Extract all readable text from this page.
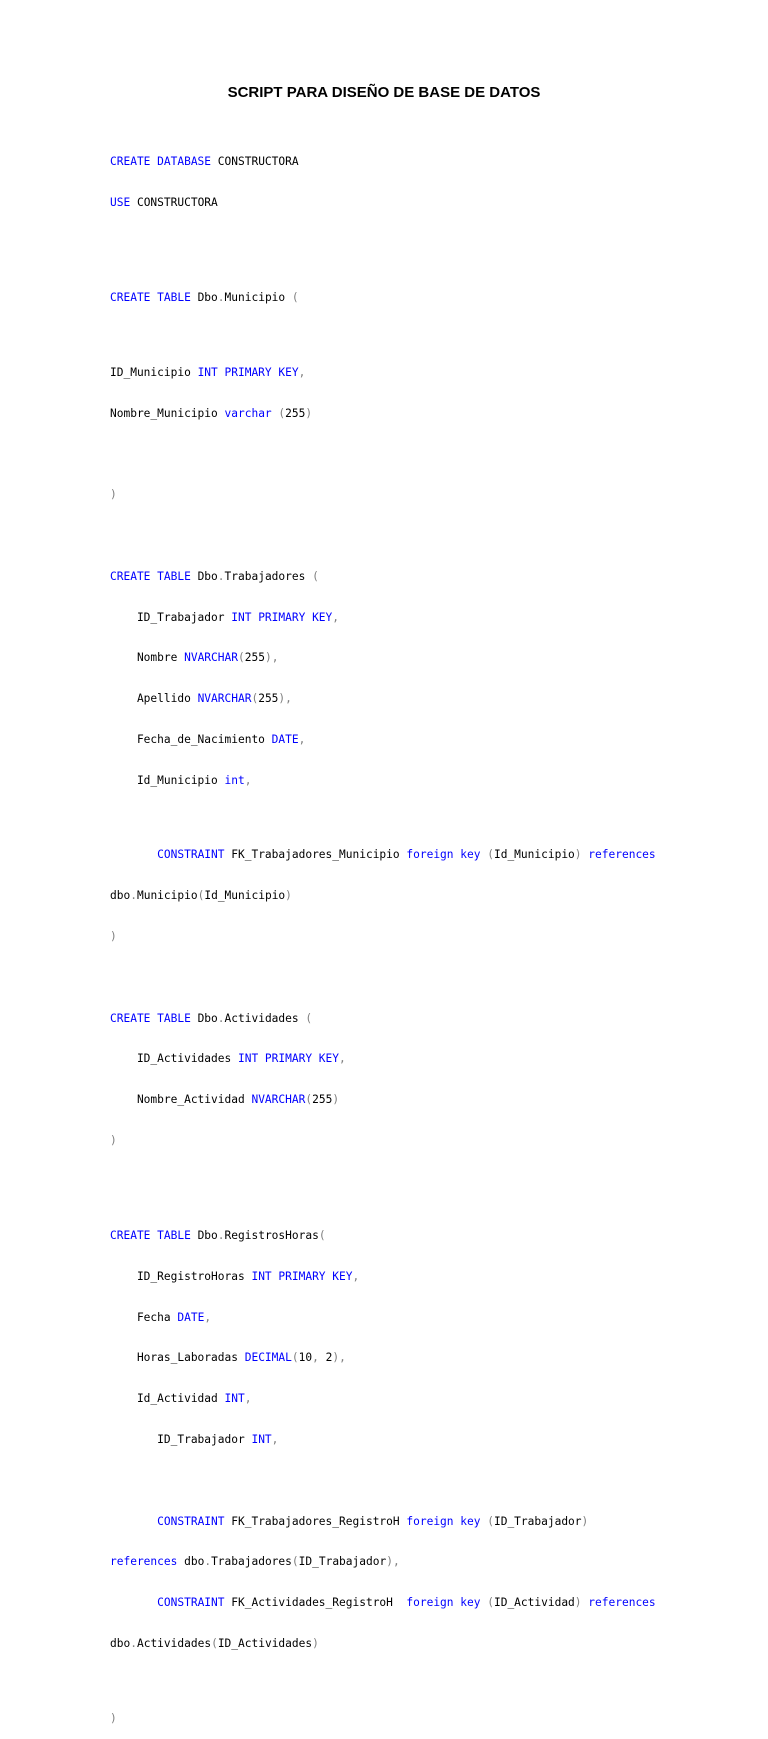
SCRIPT PARA DISEÑO DE BASE DE DATOS

CREATE DATABASE CONSTRUCTORA

USE CONSTRUCTORA

CREATE TABLE Dbo.Municipio (

ID_Municipio INT PRIMARY KEY,

Nombre_Municipio varchar (255)

)

CREATE TABLE Dbo.Trabajadores (

ID_Trabajador INT PRIMARY KEY,

Nombre NVARCHAR(255),

Apellido NVARCHAR(255),

Fecha_de_Nacimiento DATE,

Id_Municipio int,

CONSTRAINT FK_Trabajadores_Municipio foreign key (Id_Municipio) references

dbo.Municipio(Id_Municipio)

)

CREATE TABLE Dbo.Actividades (

ID_Actividades INT PRIMARY KEY,

Nombre_Actividad NVARCHAR(255)

)

CREATE TABLE Dbo.RegistrosHoras(

ID_RegistroHoras INT PRIMARY KEY,

Fecha DATE,

Horas_Laboradas DECIMAL(10, 2),

Id_Actividad INT,

ID_Trabajador INT,

CONSTRAINT FK_Trabajadores_RegistroH foreign key (ID_Trabajador)

references dbo.Trabajadores(ID_Trabajador),

CONSTRAINT FK_Actividades_RegistroH  foreign key (ID_Actividad) references

dbo.Actividades(ID_Actividades)

)
